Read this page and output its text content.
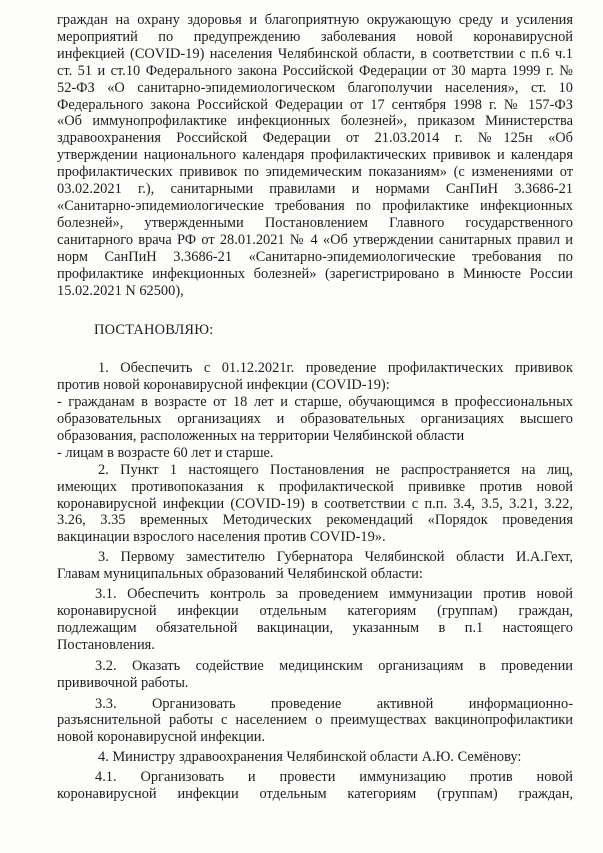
граждан на охрану здоровья и благоприятную окружающую среду и усиления
мероприятий по предупреждению заболевания новой коронавирусной
инфекцией (COVID-19) населения Челябинской области, в соответствии с п.6 ч.1
ст. 51 и ст.10 Федерального закона Российской Федерации от 30 марта 1999 г. №
52-ФЗ «О санитарно-эпидемиологическом благополучии населения», ст. 10
Федерального закона Российской Федерации от 17 сентября 1998 г. № 157-ФЗ
«Об иммунопрофилактике инфекционных болезней», приказом Министерства
здравоохранения Российской Федерации от 21.03.2014 г. №125н «Об
утверждении национального календаря профилактических прививок и календаря
профилактических прививок по эпидемическим показаниям» (с изменениями от
03.02.2021 г.), санитарными правилами и нормами СанПиН 3.3686-21
«Санитарно-эпидемиологические требования по профилактике инфекционных
болезней», утвержденными Постановлением Главного государственного
санитарного врача РФ от 28.01.2021 № 4 «Об утверждении санитарных правил и
норм СанПиН 3.3686-21 «Санитарно-эпидемиологические требования по
профилактике инфекционных болезней» (зарегистрировано в Минюсте России
15.02.2021 N 62500),
ПОСТАНОВЛЯЮ:
1. Обеспечить с 01.12.2021г. проведение профилактических прививок
против новой коронавирусной инфекции (COVID-19):
- гражданам в возрасте от 18 лет и старше, обучающимся в профессиональных
образовательных организациях и образовательных организациях высшего
образования, расположенных на территории Челябинской области
- лицам в возрасте 60 лет и старше.
2. Пункт 1 настоящего Постановления не распространяется на лиц,
имеющих противопоказания к профилактической прививке против новой
коронавирусной инфекции (COVID-19) в соответствии с п.п. 3.4, 3.5, 3.21, 3.22,
3.26, 3.35 временных Методических рекомендаций «Порядок проведения
вакцинации взрослого населения против COVID-19».
3. Первому заместителю Губернатора Челябинской области И.А.Гехт,
Главам муниципальных образований Челябинской области:
3.1. Обеспечить контроль за проведением иммунизации против новой
коронавирусной инфекции отдельным категориям (группам) граждан,
подлежащим обязательной вакцинации, указанным в п.1 настоящего
Постановления.
3.2. Оказать содействие медицинским организациям в проведении
прививочной работы.
3.3. Организовать проведение активной информационно-
разъяснительной работы с населением о преимуществах вакцинопрофилактики
новой коронавирусной инфекции.
4. Министру здравоохранения Челябинской области А.Ю. Семёнову:
4.1. Организовать и провести иммунизацию против новой
коронавирусной инфекции отдельным категориям (группам) граждан,
